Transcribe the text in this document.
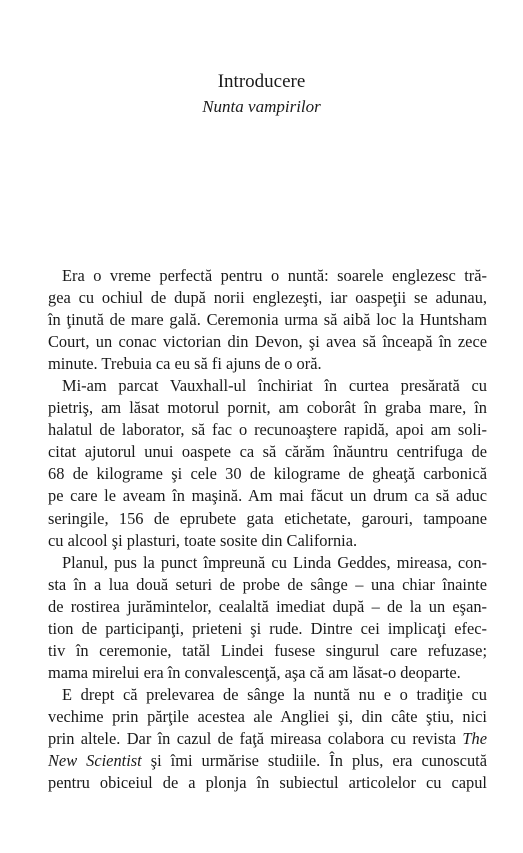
Introducere
Nunta vampirilor
Era o vreme perfectă pentru o nuntă: soarele englezesc tră-
gea cu ochiul de după norii englezeşti, iar oaspeţii se adunau,
în ţinută de mare gală. Ceremonia urma să aibă loc la Huntsham
Court, un conac victorian din Devon, şi avea să înceapă în zece
minute. Trebuia ca eu să fi ajuns de o oră.
Mi-am parcat Vauxhall-ul închiriat în curtea presărată cu
pietriş, am lăsat motorul pornit, am coborât în graba mare, în
halatul de laborator, să fac o recunoaştere rapidă, apoi am soli-
citat ajutorul unui oaspete ca să cărăm înăuntru centrifuga de
68 de kilograme şi cele 30 de kilograme de gheaţă carbonică
pe care le aveam în maşină. Am mai făcut un drum ca să aduc
seringile, 156 de eprubete gata etichetate, garouri, tampoane
cu alcool şi plasturi, toate sosite din California.
Planul, pus la punct împreună cu Linda Geddes, mireasa, con-
sta în a lua două seturi de probe de sânge – una chiar înainte
de rostirea jurămintelor, cealaltă imediat după – de la un eşan-
tion de participanţi, prieteni şi rude. Dintre cei implicaţi efec-
tiv în ceremonie, tatăl Lindei fusese singurul care refuzase;
mama mirelui era în convalescenţă, aşa că am lăsat-o deoparte.
E drept că prelevarea de sânge la nuntă nu e o tradiţie cu
vechime prin părţile acestea ale Angliei şi, din câte ştiu, nici
prin altele. Dar în cazul de faţă mireasa colabora cu revista The
New Scientist şi îmi urmărise studiile. În plus, era cunoscută
pentru obiceiul de a plonja în subiectul articolelor cu capul
